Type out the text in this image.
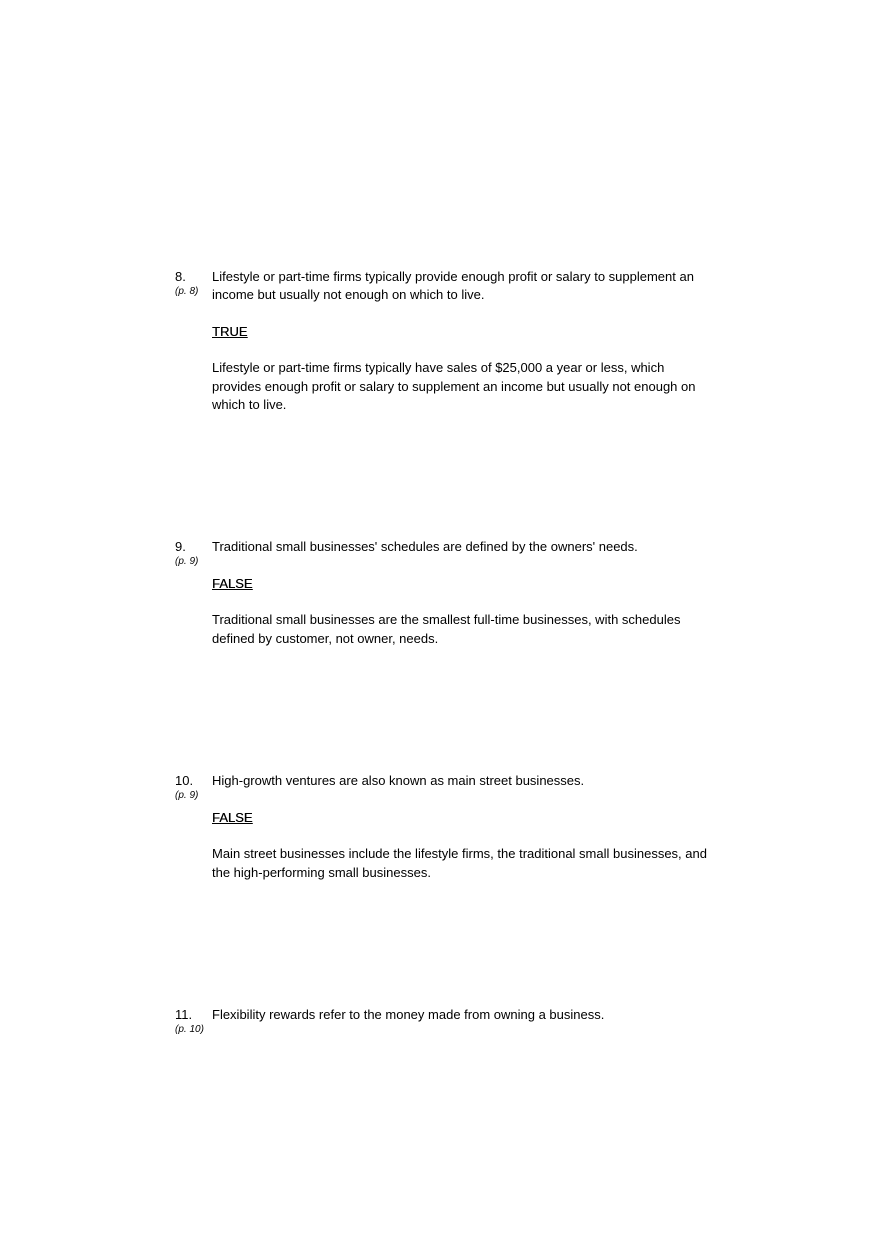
8.
(p. 8)
Lifestyle or part-time firms typically provide enough profit or salary to supplement an income but usually not enough on which to live.
TRUE
Lifestyle or part-time firms typically have sales of $25,000 a year or less, which provides enough profit or salary to supplement an income but usually not enough on which to live.
9.
(p. 9)
Traditional small businesses' schedules are defined by the owners' needs.
FALSE
Traditional small businesses are the smallest full-time businesses, with schedules defined by customer, not owner, needs.
10.
(p. 9)
High-growth ventures are also known as main street businesses.
FALSE
Main street businesses include the lifestyle firms, the traditional small businesses, and the high-performing small businesses.
11.
(p. 10)
Flexibility rewards refer to the money made from owning a business.
